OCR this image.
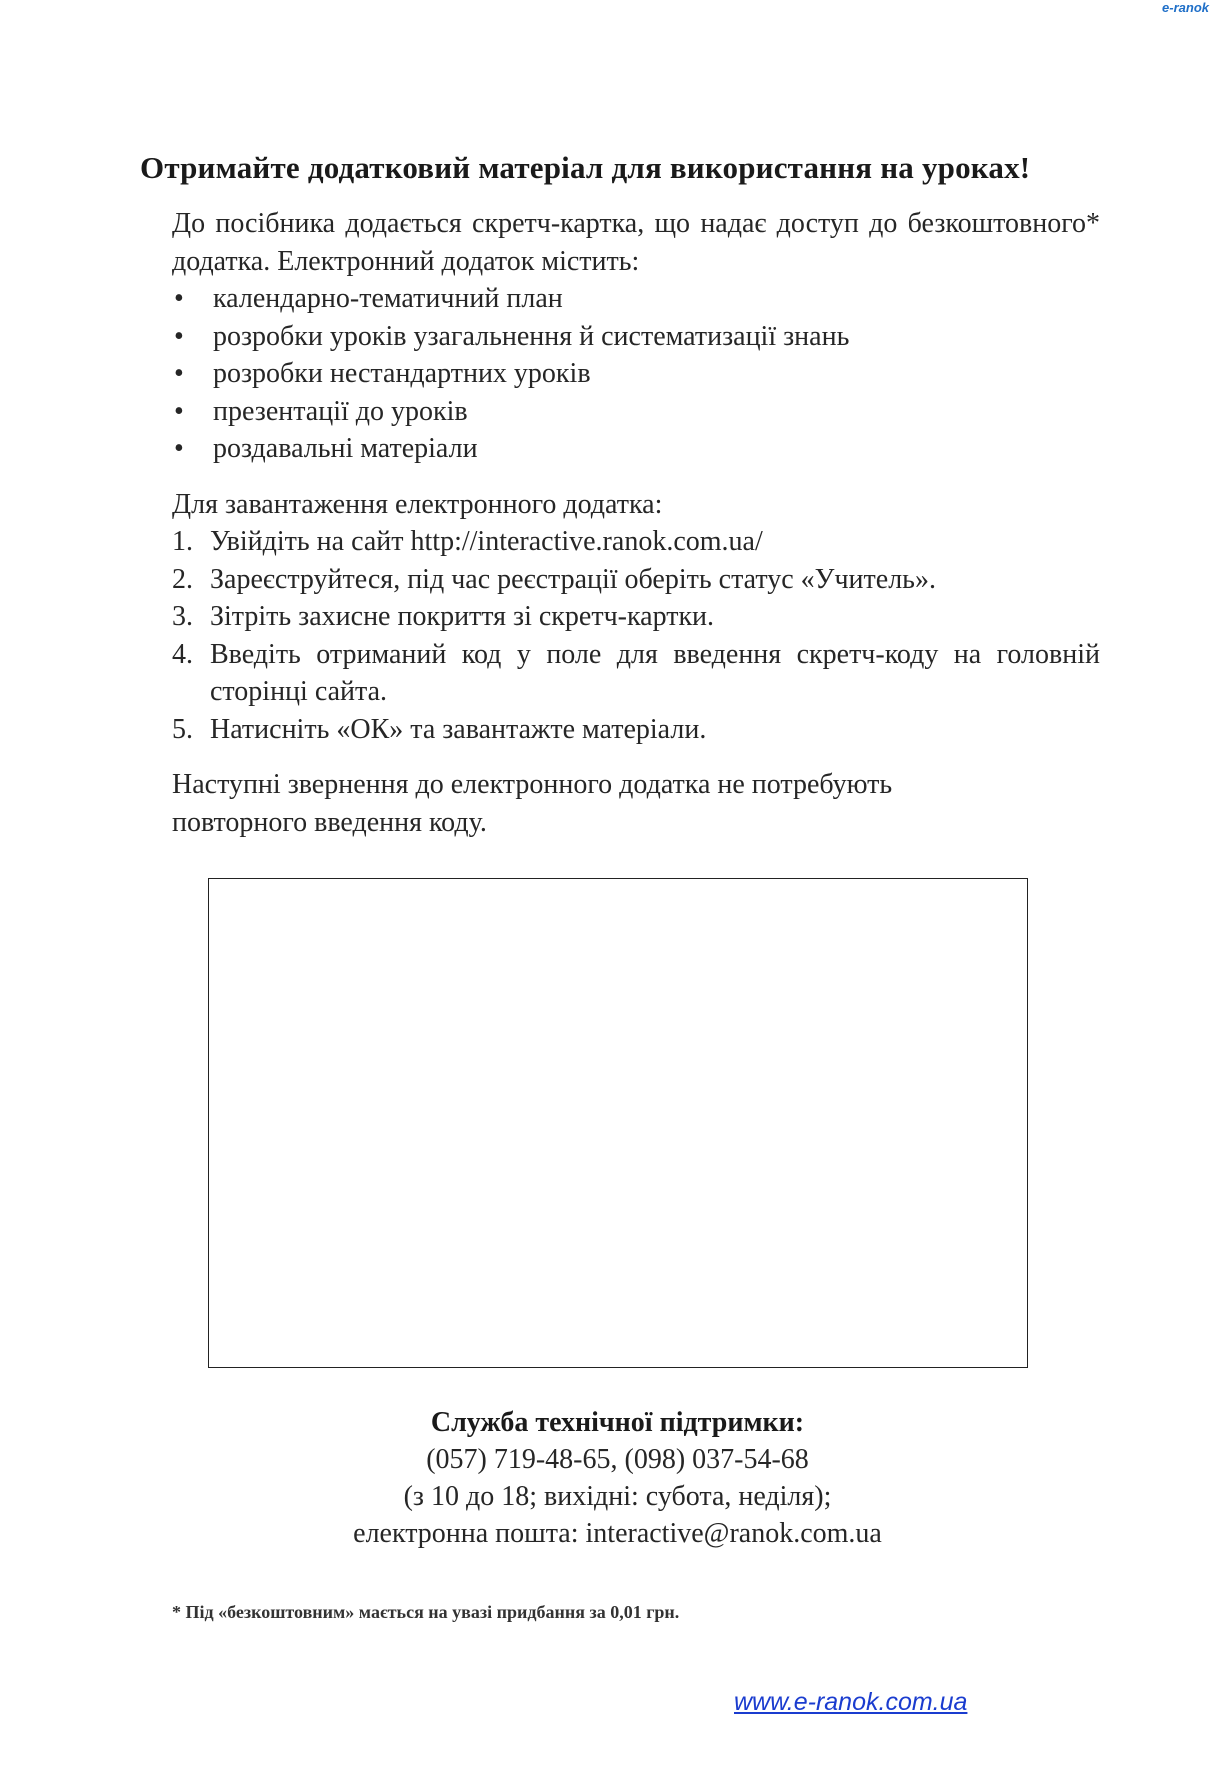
e-ranok
Отримайте додатковий матеріал для використання на уроках!

До посібника додається скретч-картка, що надає доступ до безкоштовного* додатка. Електронний додаток містить:

• календарно-тематичний план
• розробки уроків узагальнення й систематизації знань
• розробки нестандартних уроків
• презентації до уроків
• роздавальні матеріали

Для завантаження електронного додатка:

1. Увійдіть на сайт http://interactive.ranok.com.ua/
2. Зареєструйтеся, під час реєстрації оберіть статус «Учитель».
3. Зітріть захисне покриття зі скретч-картки.
4. Введіть отриманий код у поле для введення скретч-коду на головній сторінці сайта.
5. Натисніть «ОК» та завантажте матеріали.

Наступні звернення до електронного додатка не потребують повторного введення коду.

Служба технічної підтримки:
(057) 719-48-65, (098) 037-54-68
(з 10 до 18; вихідні: субота, неділя);
електронна пошта: interactive@ranok.com.ua
* Під «безкоштовним» мається на увазі придбання за 0,01 грн.
www.e-ranok.com.ua
